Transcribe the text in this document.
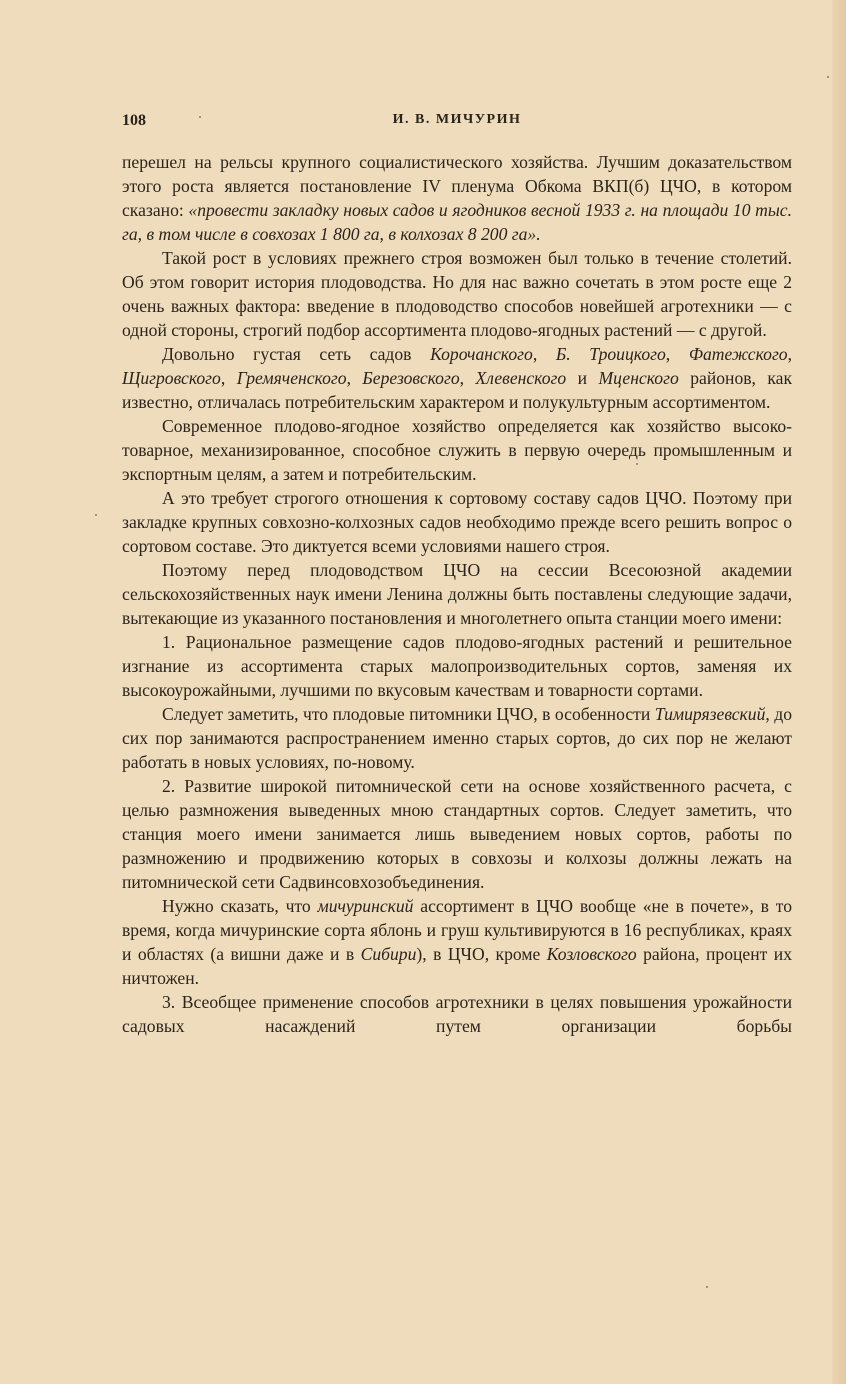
108	И. В. МИЧУРИН

перешел на рельсы крупного социалистического хозяйства. Лучшим доказательством этого роста является постановление IV пленума Обкома ВКП(б) ЦЧО, в котором сказано: «провести закладку новых садов и ягодников весной 1933 г. на площади 10 тыс. га, в том числе в совхозах 1 800 га, в колхозах 8 200 га».

Такой рост в условиях прежнего строя возможен был только в течение столетий. Об этом говорит история плодоводства. Но для нас важно сочетать в этом росте еще 2 очень важных фактора: введение в плодоводство способов новейшей агротехники — с одной стороны, строгий подбор ассортимента плодово-ягодных растений — с другой.

Довольно густая сеть садов Корочанского, Б. Троицкого, Фатежского, Щигровского, Гремяченского, Березовского, Хлевенского и Мценского районов, как известно, отличалась потребительским характером и полукультурным ассортиментом.

Современное плодово-ягодное хозяйство определяется как хозяйство высоко-товарное, механизированное, способное служить в первую очередь промышленным и экспортным целям, а затем и потребительским.

А это требует строгого отношения к сортовому составу садов ЦЧО. Поэтому при закладке крупных совхозно-колхозных садов необходимо прежде всего решить вопрос о сортовом составе. Это диктуется всеми условиями нашего строя.

Поэтому перед плодоводством ЦЧО на сессии Всесоюзной академии сельскохозяйственных наук имени Ленина должны быть поставлены следующие задачи, вытекающие из указанного постановления и многолетнего опыта станции моего имени:

1. Рациональное размещение садов плодово-ягодных растений и решительное изгнание из ассортимента старых малопроизводительных сортов, заменяя их высокоурожайными, лучшими по вкусовым качествам и товарности сортами.

Следует заметить, что плодовые питомники ЦЧО, в особенности Тимирязевский, до сих пор занимаются распространением именно старых сортов, до сих пор не желают работать в новых условиях, по-новому.

2. Развитие широкой питомнической сети на основе хозяйственного расчета, с целью размножения выведенных мною стандартных сортов. Следует заметить, что станция моего имени занимается лишь выведением новых сортов, работы по размножению и продвижению которых в совхозы и колхозы должны лежать на питомнической сети Садвинсовхозобъединения.

Нужно сказать, что мичуринский ассортимент в ЦЧО вообще «не в почете», в то время, когда мичуринские сорта яблонь и груш культивируются в 16 республиках, краях и областях (а вишни даже и в Сибири), в ЦЧО, кроме Козловского района, процент их ничтожен.

3. Всеобщее применение способов агротехники в целях повышения урожайности садовых насаждений путем организации борьбы
